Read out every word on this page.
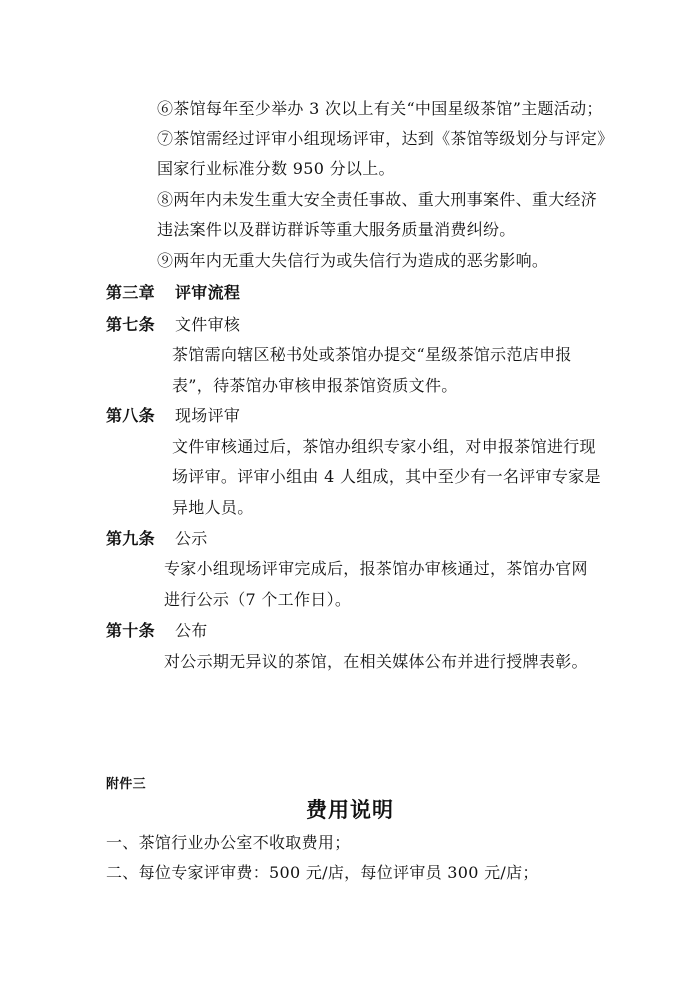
⑥茶馆每年至少举办 3 次以上有关“中国星级茶馆”主题活动；
⑦茶馆需经过评审小组现场评审，达到《茶馆等级划分与评定》
国家行业标准分数 950 分以上。
⑧两年内未发生重大安全责任事故、重大刑事案件、重大经济
违法案件以及群访群诉等重大服务质量消费纠纷。
⑨两年内无重大失信行为或失信行为造成的恶劣影响。
第三章 评审流程
第七条 文件审核
茶馆需向辖区秘书处或茶馆办提交“星级茶馆示范店申报
表”，待茶馆办审核申报茶馆资质文件。
第八条 现场评审
文件审核通过后，茶馆办组织专家小组，对申报茶馆进行现
场评审。评审小组由 4 人组成，其中至少有一名评审专家是
异地人员。
第九条 公示
专家小组现场评审完成后，报茶馆办审核通过，茶馆办官网
进行公示（7 个工作日）。
第十条 公布
对公示期无异议的茶馆，在相关媒体公布并进行授牌表彰。
附件三
费用说明
一、茶馆行业办公室不收取费用；
二、每位专家评审费：500 元/店，每位评审员 300 元/店；
